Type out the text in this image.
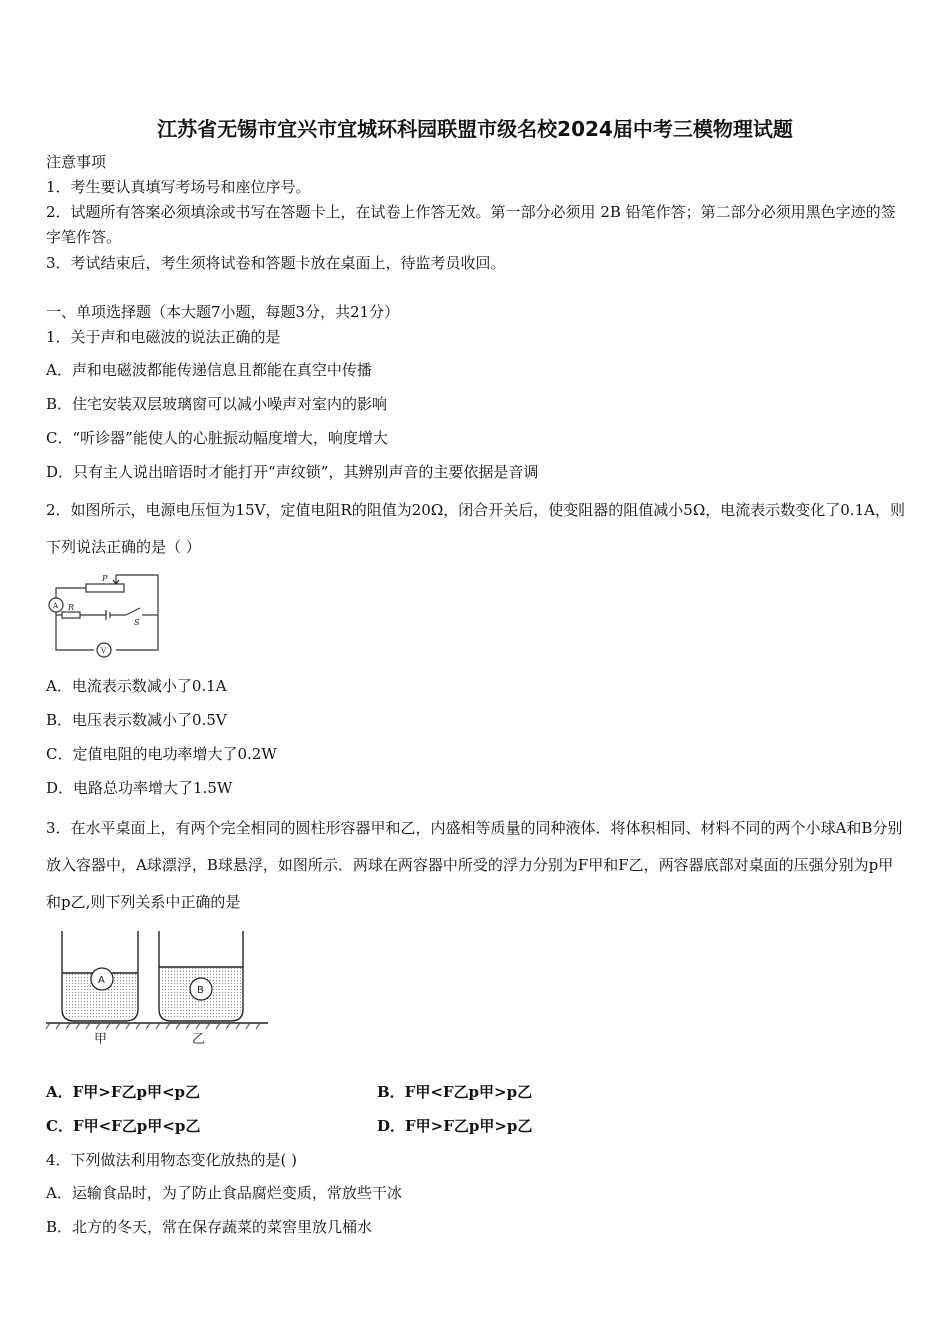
江苏省无锡市宜兴市宜城环科园联盟市级名校2024届中考三模物理试题
注意事项
1．考生要认真填写考场号和座位序号。
2．试题所有答案必须填涂或书写在答题卡上，在试卷上作答无效。第一部分必须用 2B 铅笔作答；第二部分必须用黑色字迹的签字笔作答。
3．考试结束后，考生须将试卷和答题卡放在桌面上，待监考员收回。
一、单项选择题（本大题7小题，每题3分，共21分）
1．关于声和电磁波的说法正确的是
A．声和电磁波都能传递信息且都能在真空中传播
B．住宅安装双层玻璃窗可以减小噪声对室内的影响
C．“听诊器”能使人的心脏振动幅度增大，响度增大
D．只有主人说出暗语时才能打开“声纹锁”，其辨别声音的主要依据是音调
2．如图所示，电源电压恒为15V，定值电阻R的阻值为20Ω，闭合开关后，使变阻器的阻值减小5Ω，电流表示数变化了0.1A，则下列说法正确的是（ ）
P
A R
S
V
A．电流表示数减小了0.1A
B．电压表示数减小了0.5V
C．定值电阻的电功率增大了0.2W
D．电路总功率增大了1.5W
3．在水平桌面上，有两个完全相同的圆柱形容器甲和乙，内盛相等质量的同种液体．将体积相同、材料不同的两个小球A和B分别放入容器中，A球漂浮，B球悬浮，如图所示．两球在两容器中所受的浮力分别为F甲和F乙，两容器底部对桌面的压强分别为p甲和p乙,则下列关系中正确的是
A
B
甲	乙
A．F甲>F乙p甲<p乙	B．F甲<F乙p甲>p乙
C．F甲<F乙p甲<p乙	D．F甲>F乙p甲>p乙
4．下列做法利用物态变化放热的是( )
A．运输食品时，为了防止食品腐烂变质，常放些干冰
B．北方的冬天，常在保存蔬菜的菜窖里放几桶水
